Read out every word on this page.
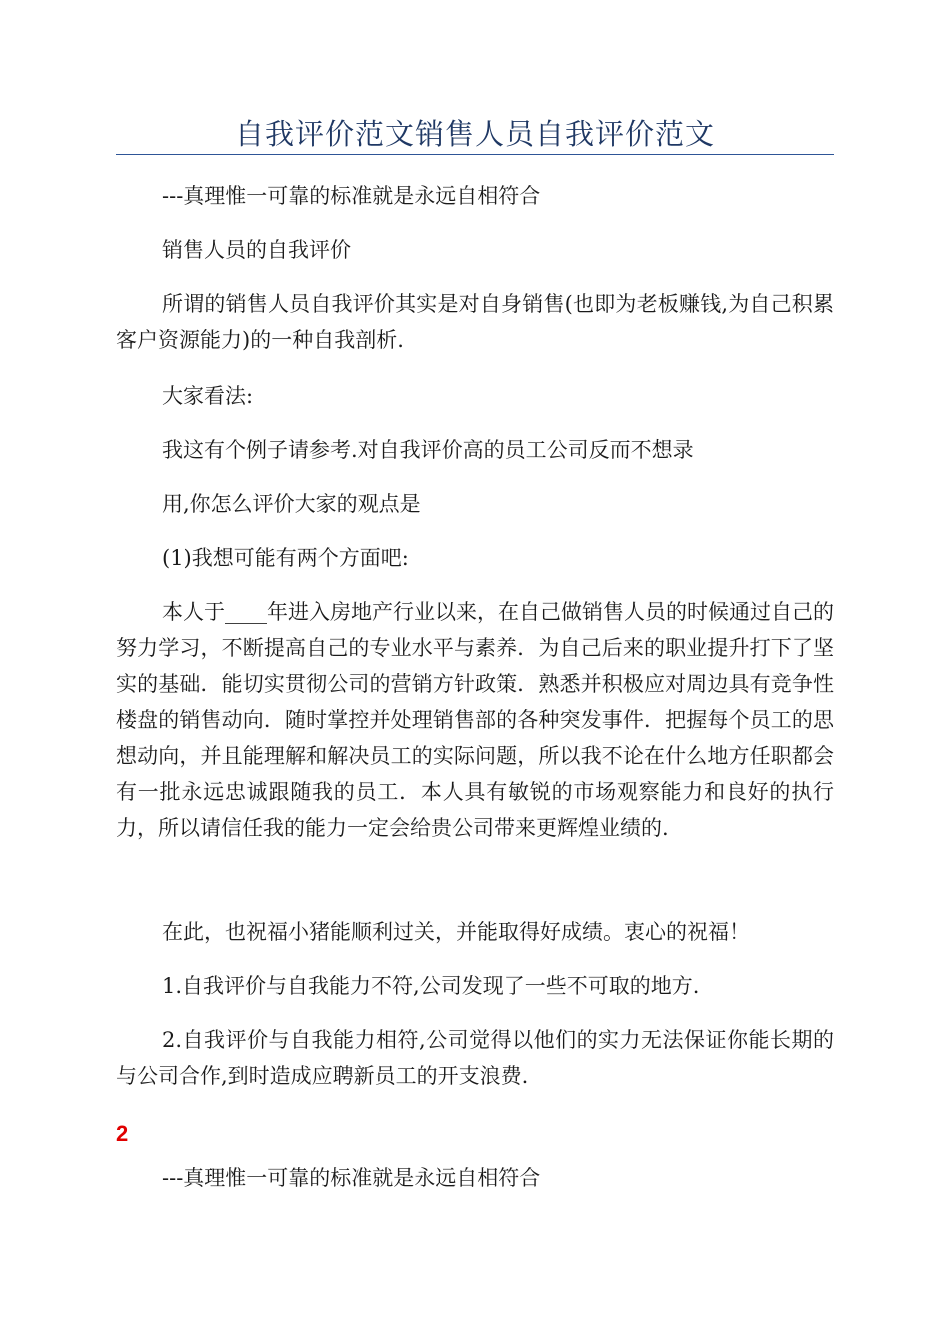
自我评价范文销售人员自我评价范文

---真理惟一可靠的标准就是永远自相符合

销售人员的自我评价

所谓的销售人员自我评价其实是对自身销售(也即为老板赚钱,为自己积累客户资源能力)的一种自我剖析.

大家看法:

我这有个例子请参考.对自我评价高的员工公司反而不想录

用,你怎么评价大家的观点是

(1)我想可能有两个方面吧:

本人于____年进入房地产行业以来，在自己做销售人员的时候通过自己的努力学习，不断提高自己的专业水平与素养．为自己后来的职业提升打下了坚实的基础．能切实贯彻公司的营销方针政策．熟悉并积极应对周边具有竞争性楼盘的销售动向．随时掌控并处理销售部的各种突发事件．把握每个员工的思想动向，并且能理解和解决员工的实际问题，所以我不论在什么地方任职都会有一批永远忠诚跟随我的员工．本人具有敏锐的市场观察能力和良好的执行力，所以请信任我的能力一定会给贵公司带来更辉煌业绩的.

在此，也祝福小猪能顺利过关，并能取得好成绩。衷心的祝福！

1.自我评价与自我能力不符,公司发现了一些不可取的地方.

2.自我评价与自我能力相符,公司觉得以他们的实力无法保证你能长期的与公司合作,到时造成应聘新员工的开支浪费.

2

---真理惟一可靠的标准就是永远自相符合
